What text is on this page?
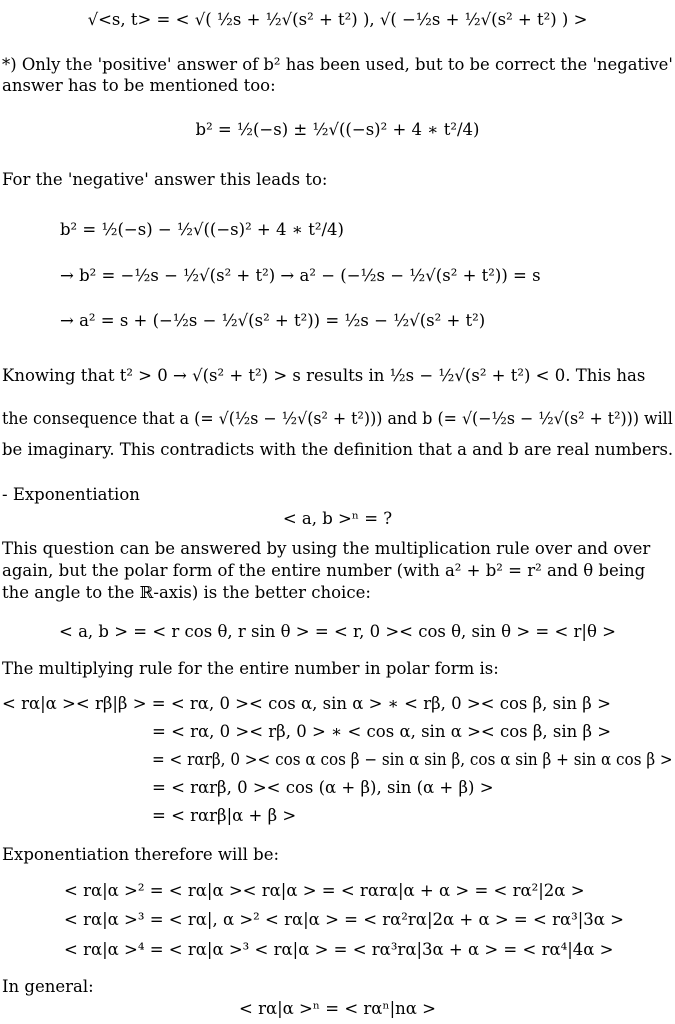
√<s, t> = < √( ½s + ½√(s² + t²) ), √( −½s + ½√(s² + t²) ) >
*) Only the 'positive' answer of b² has been used, but to be correct the 'negative'
answer has to be mentioned too:
b² = ½(−s) ± ½√((−s)² + 4 ∗ t²/4)
For the 'negative' answer this leads to:
b² = ½(−s) − ½√((−s)² + 4 ∗ t²/4)
→ b² = −½s − ½√(s² + t²) → a² − (−½s − ½√(s² + t²)) = s
→ a² = s + (−½s − ½√(s² + t²)) = ½s − ½√(s² + t²)
Knowing that t² > 0 → √(s² + t²) > s results in ½s − ½√(s² + t²) < 0. This has
the consequence that a (= √(½s − ½√(s² + t²))) and b (= √(−½s − ½√(s² + t²))) will
be imaginary. This contradicts with the definition that a and b are real numbers.
- Exponentiation
< a, b >ⁿ = ?
This question can be answered by using the multiplication rule over and over
again, but the polar form of the entire number (with a² + b² = r² and θ being
the angle to the ℝ-axis) is the better choice:
< a, b > = < r cos θ, r sin θ > = < r, 0 >< cos θ, sin θ > = < r|θ >
The multiplying rule for the entire number in polar form is:
< rα|α >< rβ|β > = < rα, 0 >< cos α, sin α > ∗ < rβ, 0 >< cos β, sin β >
= < rα, 0 >< rβ, 0 > ∗ < cos α, sin α >< cos β, sin β >
= < rαrβ, 0 >< cos α cos β − sin α sin β, cos α sin β + sin α cos β >
= < rαrβ, 0 >< cos (α + β), sin (α + β) >
= < rαrβ|α + β >
Exponentiation therefore will be:
< rα|α >² = < rα|α >< rα|α > = < rαrα|α + α > = < rα²|2α >
< rα|α >³ = < rα|, α >² < rα|α > = < rα²rα|2α + α > = < rα³|3α >
< rα|α >⁴ = < rα|α >³ < rα|α > = < rα³rα|3α + α > = < rα⁴|4α >
In general:
< rα|α >ⁿ = < rαⁿ|nα >
